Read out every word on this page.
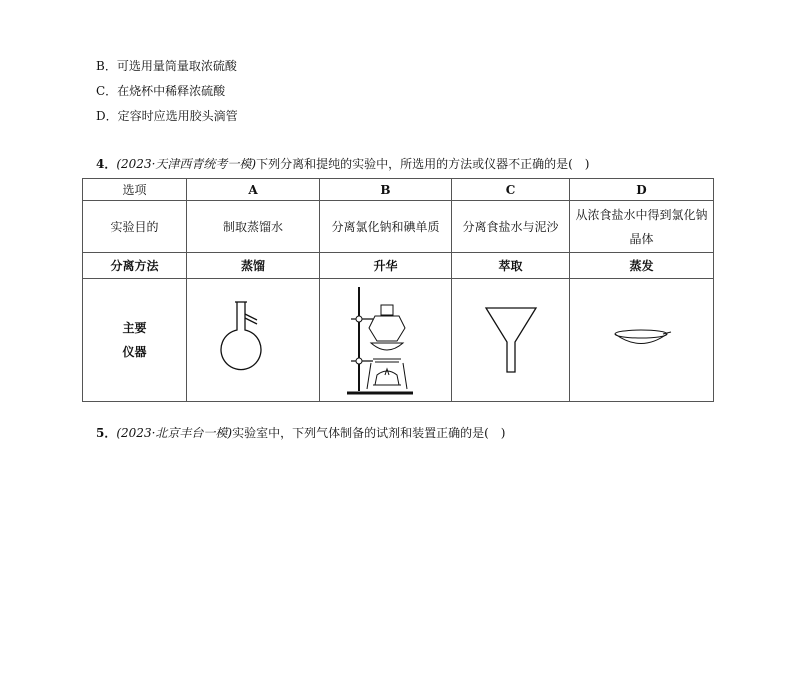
B．可选用量筒量取浓硫酸
C．在烧杯中稀释浓硫酸
D．定容时应选用胶头滴管
4．(2023·天津西青统考一模)下列分离和提纯的实验中，所选用的方法或仪器不正确的是(　)
选项	A	B	C	D
实验目的	制取蒸馏水	分离氯化钠和碘单质	分离食盐水与泥沙	从浓食盐水中得到氯化钠晶体
分离方法	蒸馏	升华	萃取	蒸发

主要
仪器

5．(2023·北京丰台一模)实验室中，下列气体制备的试剂和装置正确的是(　)
